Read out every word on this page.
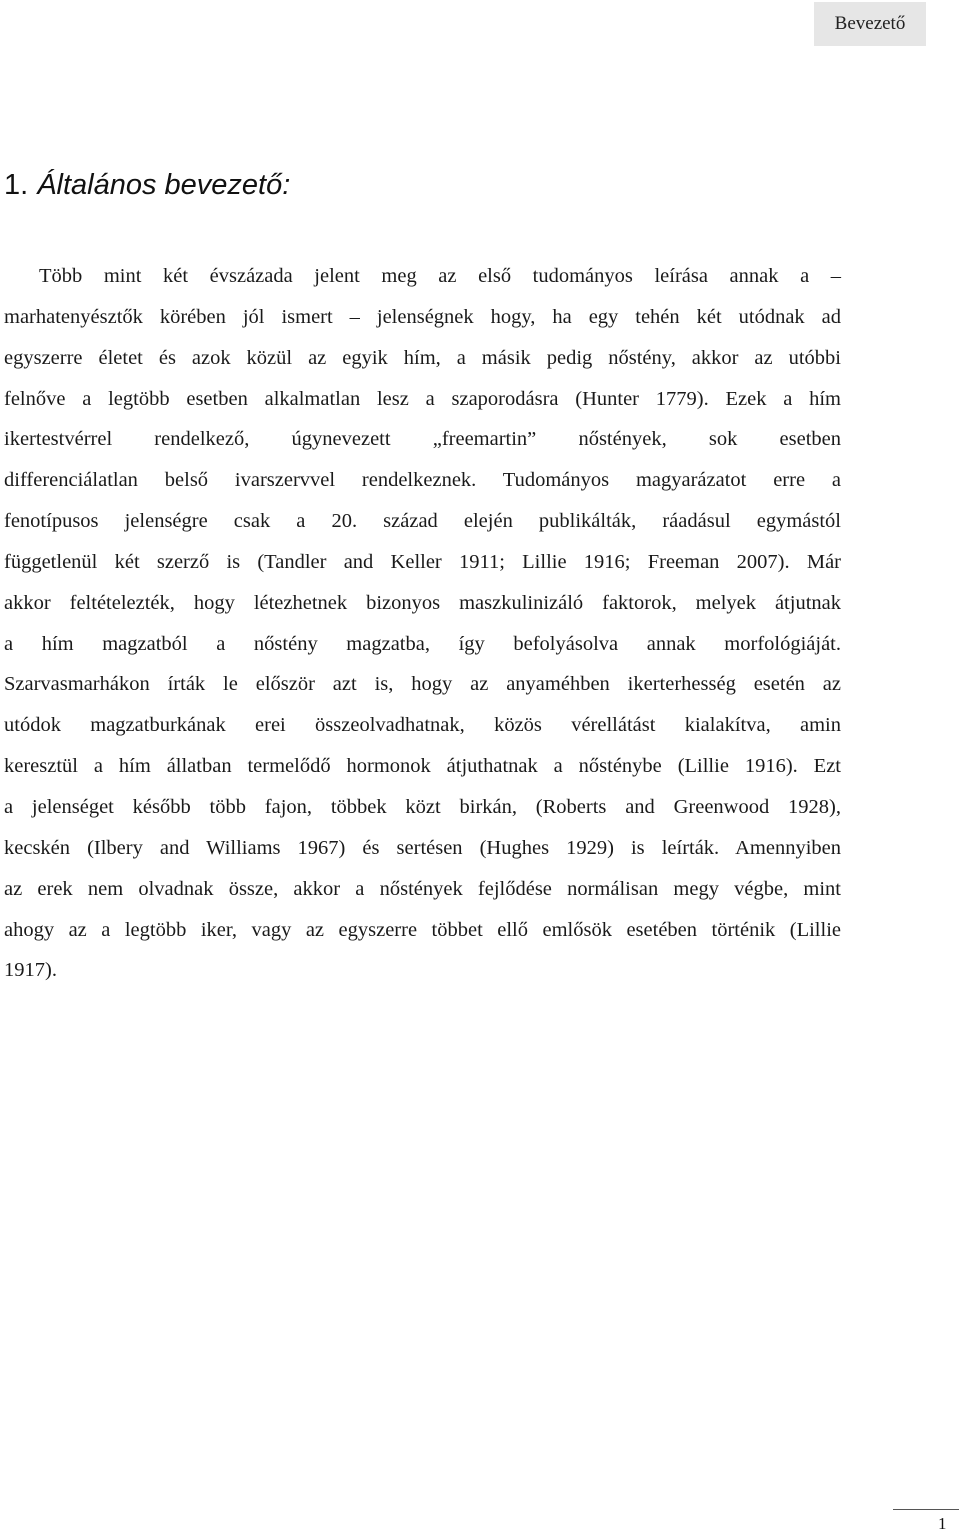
Bevezető
1. Általános bevezető:
Több mint két évszázada jelent meg az első tudományos leírása annak a –
marhatenyésztők körében jól ismert – jelenségnek hogy, ha egy tehén két utódnak ad
egyszerre életet és azok közül az egyik hím, a másik pedig nőstény, akkor az utóbbi
felnőve a legtöbb esetben alkalmatlan lesz a szaporodásra (Hunter 1779). Ezek a hím
ikertestvérrel rendelkező, úgynevezett „freemartin” nőstények, sok esetben
differenciálatlan belső ivarszervvel rendelkeznek. Tudományos magyarázatot erre a
fenotípusos jelenségre csak a 20. század elején publikálták, ráadásul egymástól
függetlenül két szerző is (Tandler and Keller 1911; Lillie 1916; Freeman 2007). Már
akkor feltételezték, hogy létezhetnek bizonyos maszkulinizáló faktorok, melyek átjutnak
a hím magzatból a nőstény magzatba, így befolyásolva annak morfológiáját.
Szarvasmarhákon írták le először azt is, hogy az anyaméhben ikerterhesség esetén az
utódok magzatburkának erei összeolvadhatnak, közös vérellátást kialakítva, amin
keresztül a hím állatban termelődő hormonok átjuthatnak a nősténybe (Lillie 1916). Ezt
a jelenséget később több fajon, többek közt birkán, (Roberts and Greenwood 1928),
kecskén (Ilbery and Williams 1967) és sertésen (Hughes 1929) is leírták. Amennyiben
az erek nem olvadnak össze, akkor a nőstények fejlődése normálisan megy végbe, mint
ahogy az a legtöbb iker, vagy az egyszerre többet ellő emlősök esetében történik (Lillie
1917).
1
